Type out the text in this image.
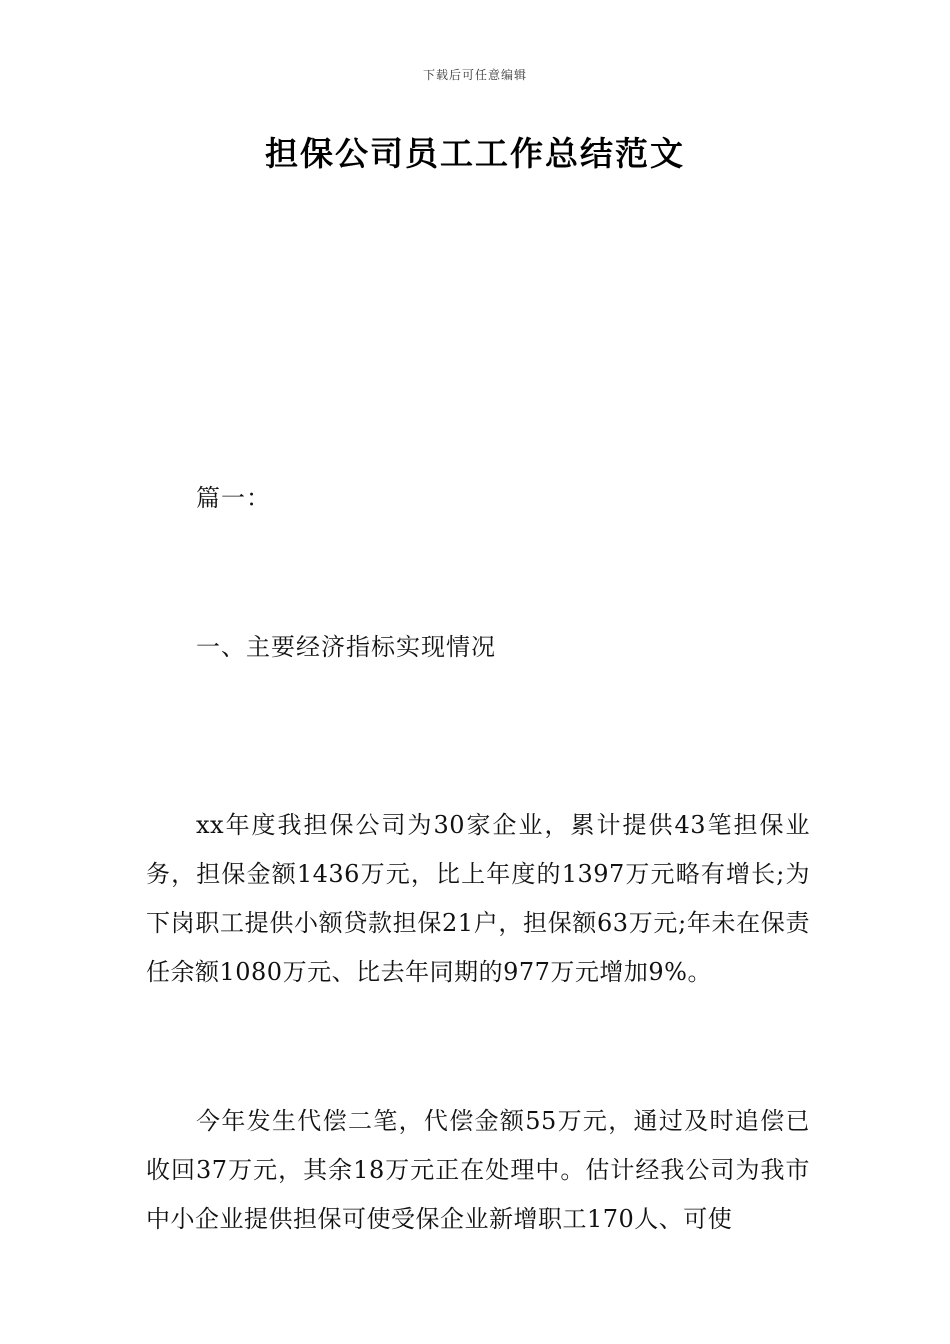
下载后可任意编辑
担保公司员工工作总结范文
篇一：
一、主要经济指标实现情况

xx年度我担保公司为30家企业，累计提供43笔担保业务，担保金额1436万元，比上年度的1397万元略有增长;为下岗职工提供小额贷款担保21户，担保额63万元;年未在保责任余额1080万元、比去年同期的977万元增加9%。

今年发生代偿二笔，代偿金额55万元，通过及时追偿已收回37万元，其余18万元正在处理中。估计经我公司为我市中小企业提供担保可使受保企业新增职工170人、可使
